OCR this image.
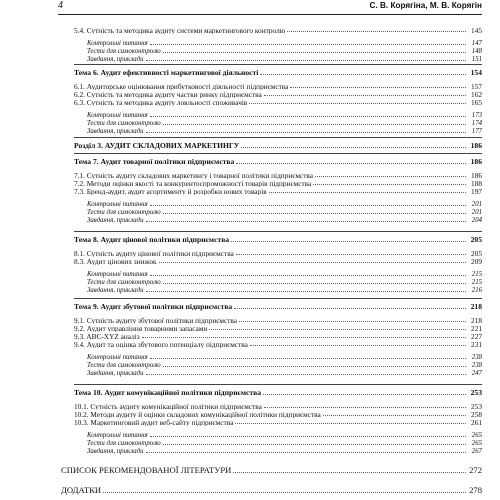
4	С. В. Корягіна, М. В. Корягін
5.4. Сутність та методика аудиту системи маркетингового контролю	145
Контрольні питання	147
Тести для самоконтролю	148
Завдання, приклади	151
Тема 6. Аудит ефективності маркетингової діяльності	154
6.1. Аудиторське оцінювання прибутковості діяльності підприємства	157
6.2. Сутність та методика аудиту частки ринку підприємства	162
6.3. Сутність та методика аудиту лояльності споживачів	165
Контрольні питання	173
Тести для самоконтролю	174
Завдання, приклади	177
Розділ 3. АУДИТ СКЛАДОВИХ МАРКЕТИНГУ	186
Тема 7. Аудит товарної політики підприємства	186
7.1. Сутність аудиту складових маркетингу і товарної політики підприємства	186
7.2. Методи оцінки якості та конкурентоспроможності товарів підприємства	188
7.3. Бренд-аудит, аудит асортименту й розробки нових товарів	197
Контрольні питання	201
Тести для самоконтролю	201
Завдання, приклади	204
Тема 8. Аудит цінової політики підприємства	205
8.1. Сутність аудиту цінової політики підприємства	205
8.3. Аудит цінових знижок	209
Контрольні питання	215
Тести для самоконтролю	215
Завдання, приклади	216
Тема 9. Аудит збутової політики підприємства	218
9.1. Сутність аудиту збутової політики підприємства	218
9.2. Аудит управління товарними запасами	221
9.3. ABC-XYZ аналіз	227
9.4. Аудит та оцінка збутового потенціалу підприємства	231
Контрольні питання	238
Тести для самоконтролю	238
Завдання, приклади	247
Тема 10. Аудит комунікаційної політики підприємства	253
10.1. Сутність аудиту комунікаційної політики підприємства	253
10.2. Методи аудиту й оцінки складових комунікаційної політики підприємства	258
10.3. Маркетинговий аудит веб-сайту підприємства	261
Контрольні питання	265
Тести для самоконтролю	265
Завдання, приклади	267
СПИСОК РЕКОМЕНДОВАНОЇ ЛІТЕРАТУРИ	272
ДОДАТКИ	278
